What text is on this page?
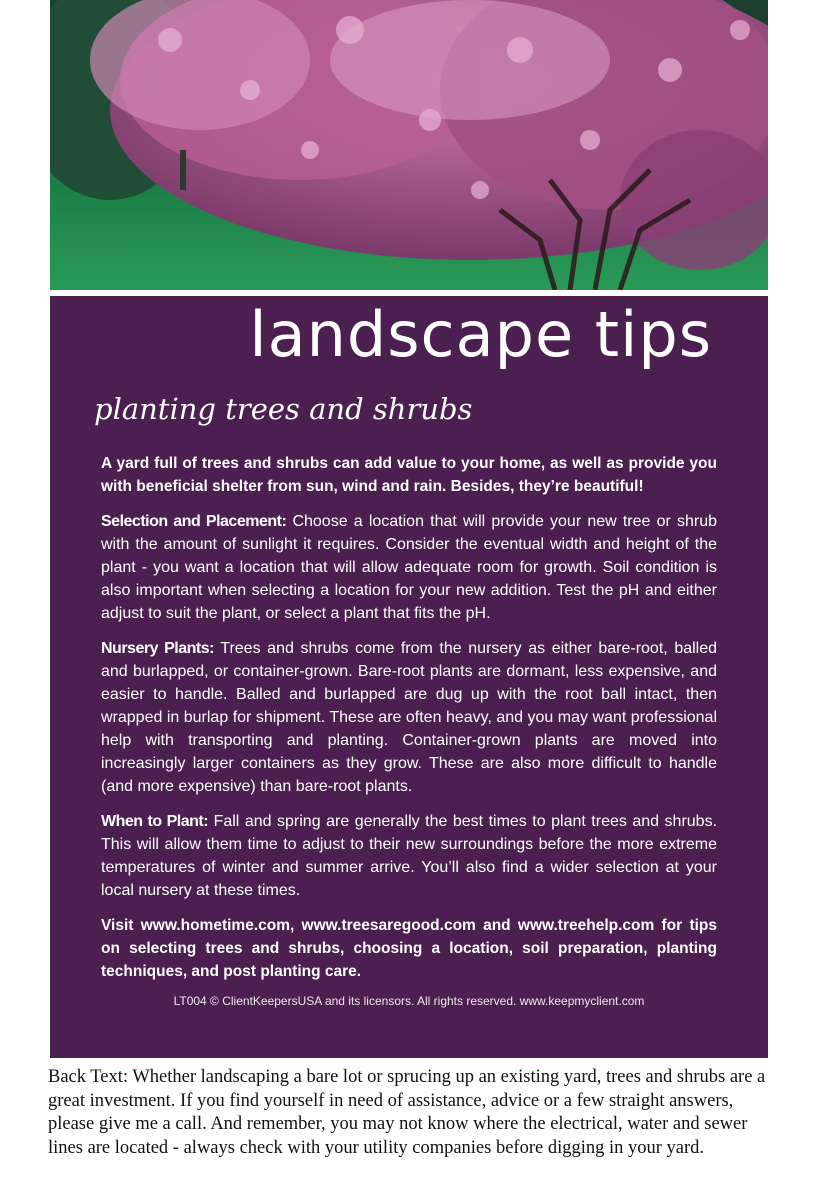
landscape tips
planting trees and shrubs

A yard full of trees and shrubs can add value to your home, as well as provide you with beneficial shelter from sun, wind and rain. Besides, they’re beautiful!

Selection and Placement: Choose a location that will provide your new tree or shrub with the amount of sunlight it requires. Consider the eventual width and height of the plant - you want a location that will allow adequate room for growth. Soil condition is also important when selecting a location for your new addition. Test the pH and either adjust to suit the plant, or select a plant that fits the pH.

Nursery Plants: Trees and shrubs come from the nursery as either bare-root, balled and burlapped, or container-grown. Bare-root plants are dormant, less expensive, and easier to handle. Balled and burlapped are dug up with the root ball intact, then wrapped in burlap for shipment. These are often heavy, and you may want professional help with transporting and planting. Container-grown plants are moved into increasingly larger containers as they grow. These are also more difficult to handle (and more expensive) than bare-root plants.

When to Plant: Fall and spring are generally the best times to plant trees and shrubs. This will allow them time to adjust to their new surroundings before the more extreme temperatures of winter and summer arrive. You’ll also find a wider selection at your local nursery at these times.

Visit www.hometime.com, www.treesaregood.com and www.treehelp.com for tips on selecting trees and shrubs, choosing a location, soil preparation, planting techniques, and post planting care.

LT004 © ClientKeepersUSA and its licensors. All rights reserved. www.keepmyclient.com

Back Text: Whether landscaping a bare lot or sprucing up an existing yard, trees and shrubs are a great investment. If you find yourself in need of assistance, advice or a few straight answers, please give me a call. And remember, you may not know where the electrical, water and sewer lines are located - always check with your utility companies before digging in your yard.
